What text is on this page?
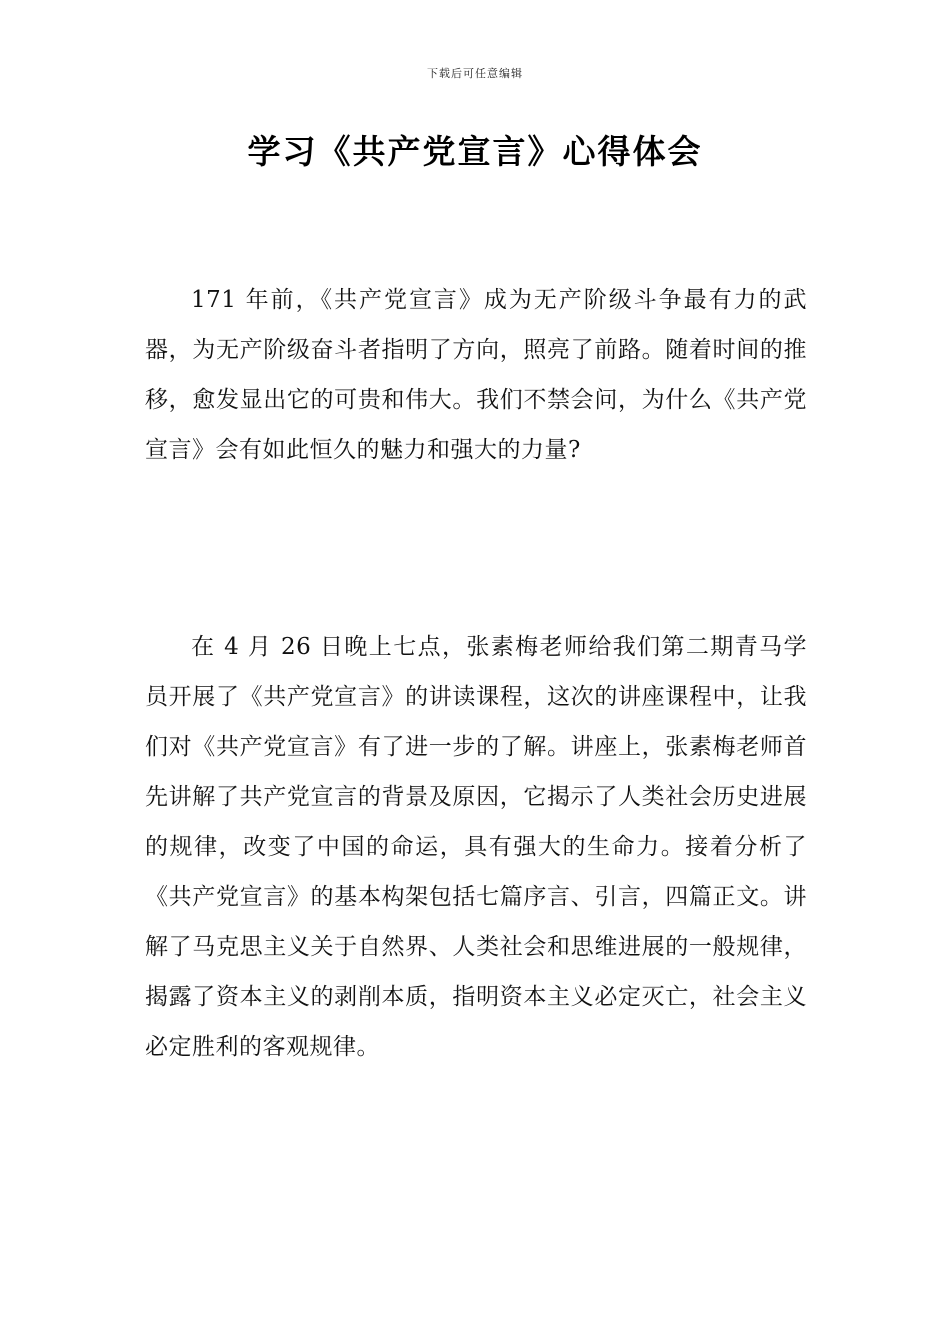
下载后可任意编辑
学习《共产党宣言》心得体会

171 年前，《共产党宣言》成为无产阶级斗争最有力的武器，为无产阶级奋斗者指明了方向，照亮了前路。随着时间的推移，愈发显出它的可贵和伟大。我们不禁会问，为什么《共产党宣言》会有如此恒久的魅力和强大的力量?

在 4 月 26 日晚上七点，张素梅老师给我们第二期青马学员开展了《共产党宣言》的讲读课程，这次的讲座课程中，让我们对《共产党宣言》有了进一步的了解。讲座上，张素梅老师首先讲解了共产党宣言的背景及原因，它揭示了人类社会历史进展的规律，改变了中国的命运，具有强大的生命力。接着分析了《共产党宣言》的基本构架包括七篇序言、引言，四篇正文。讲解了马克思主义关于自然界、人类社会和思维进展的一般规律，揭露了资本主义的剥削本质，指明资本主义必定灭亡，社会主义必定胜利的客观规律。
